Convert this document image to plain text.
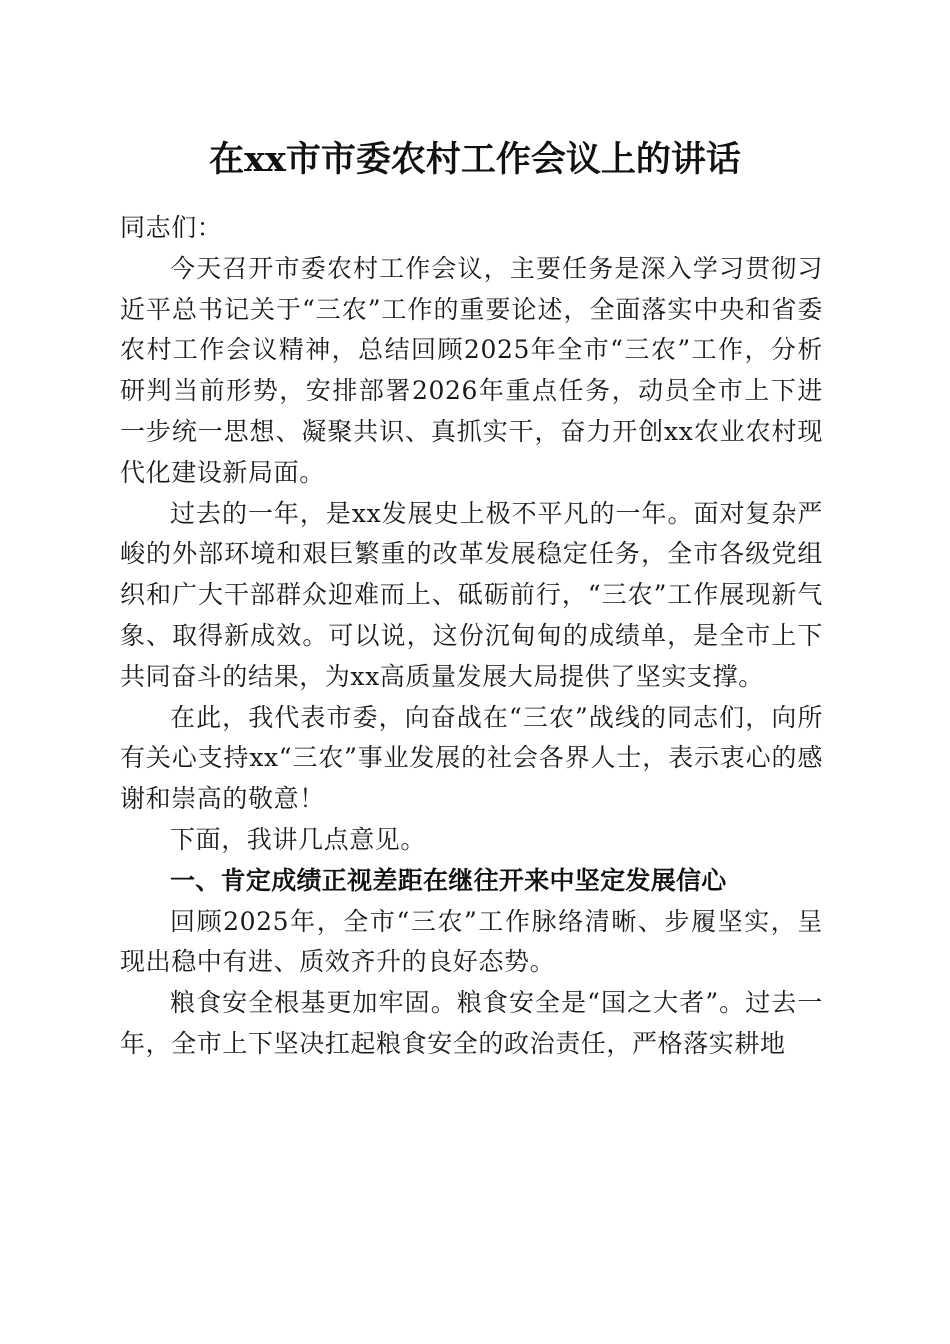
在xx市市委农村工作会议上的讲话

同志们：

今天召开市委农村工作会议，主要任务是深入学习贯彻习近平总书记关于“三农”工作的重要论述，全面落实中央和省委农村工作会议精神，总结回顾2025年全市“三农”工作，分析研判当前形势，安排部署2026年重点任务，动员全市上下进一步统一思想、凝聚共识、真抓实干，奋力开创xx农业农村现代化建设新局面。

过去的一年，是xx发展史上极不平凡的一年。面对复杂严峻的外部环境和艰巨繁重的改革发展稳定任务，全市各级党组织和广大干部群众迎难而上、砥砺前行，“三农”工作展现新气象、取得新成效。可以说，这份沉甸甸的成绩单，是全市上下共同奋斗的结果，为xx高质量发展大局提供了坚实支撑。

在此，我代表市委，向奋战在“三农”战线的同志们，向所有关心支持xx“三农”事业发展的社会各界人士，表示衷心的感谢和崇高的敬意！

下面，我讲几点意见。

一、肯定成绩正视差距在继往开来中坚定发展信心

回顾2025年，全市“三农”工作脉络清晰、步履坚实，呈现出稳中有进、质效齐升的良好态势。

粮食安全根基更加牢固。粮食安全是“国之大者”。过去一年，全市上下坚决扛起粮食安全的政治责任，严格落实耕地
